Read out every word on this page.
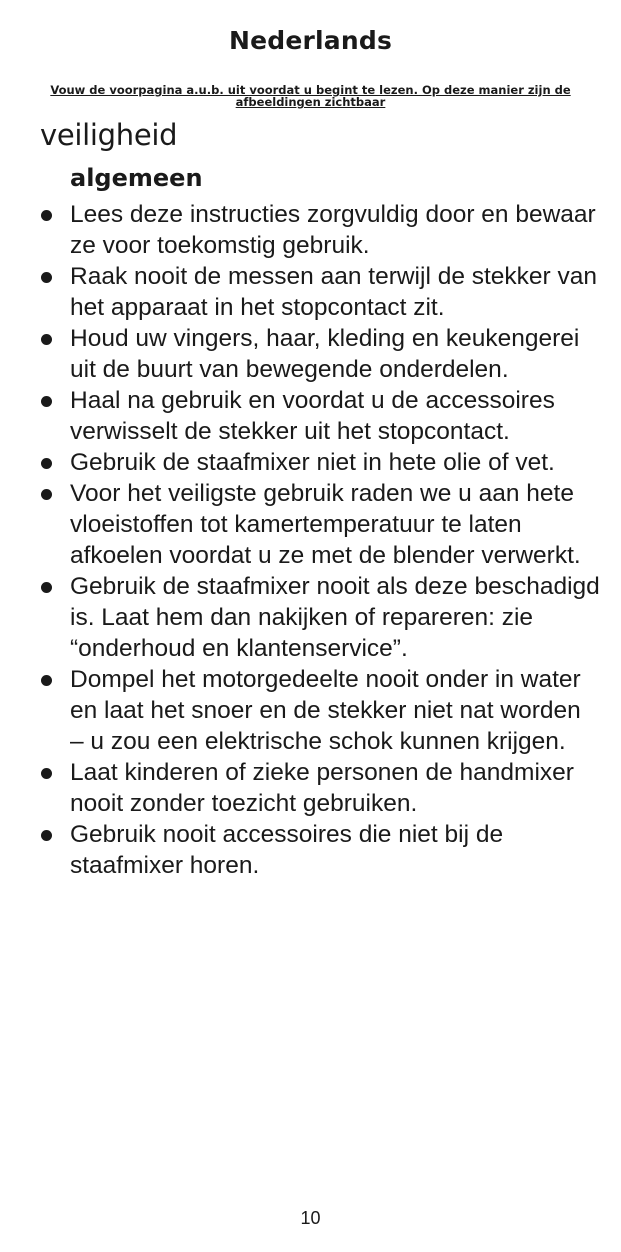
Nederlands

Vouw de voorpagina a.u.b. uit voordat u begint te lezen. Op deze manier zijn de afbeeldingen zichtbaar

veiligheid
algemeen
Lees deze instructies zorgvuldig door en bewaar ze voor toekomstig gebruik.
Raak nooit de messen aan terwijl de stekker van het apparaat in het stopcontact zit.
Houd uw vingers, haar, kleding en keukengerei uit de buurt van bewegende onderdelen.
Haal na gebruik en voordat u de accessoires verwisselt de stekker uit het stopcontact.
Gebruik de staafmixer niet in hete olie of vet.
Voor het veiligste gebruik raden we u aan hete vloeistoffen tot kamertemperatuur te laten afkoelen voordat u ze met de blender verwerkt.
Gebruik de staafmixer nooit als deze beschadigd is. Laat hem dan nakijken of repareren: zie “onderhoud en klantenservice”.
Dompel het motorgedeelte nooit onder in water en laat het snoer en de stekker niet nat worden – u zou een elektrische schok kunnen krijgen.
Laat kinderen of zieke personen de handmixer nooit zonder toezicht gebruiken.
Gebruik nooit accessoires die niet bij de staafmixer horen.

10
